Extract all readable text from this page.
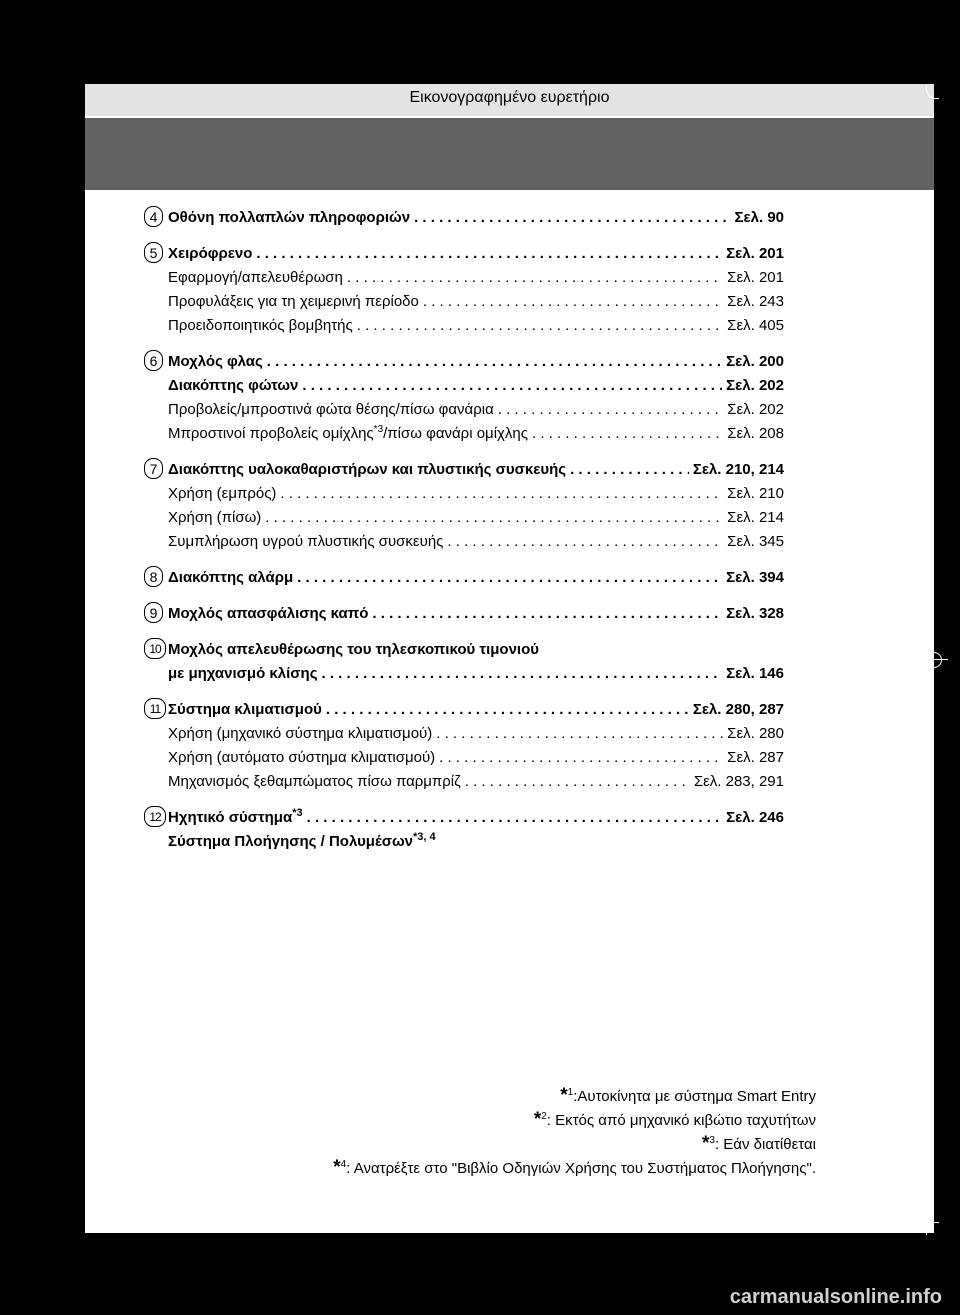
Εικονογραφημένο ευρετήριο
4 Οθόνη πολλαπλών πληροφοριών . . .	Σελ. 90
5 Χειρόφρενο . . .	Σελ. 201
Εφαρμογή/απελευθέρωση . . .	Σελ. 201
Προφυλάξεις για τη χειμερινή περίοδο . . .	Σελ. 243
Προειδοποιητικός βομβητής . . .	Σελ. 405
6 Μοχλός φλας . . .	Σελ. 200
Διακόπτης φώτων . . .	Σελ. 202
Προβολείς/μπροστινά φώτα θέσης/πίσω φανάρια . . .	Σελ. 202
Μπροστινοί προβολείς ομίχλης$^{*3}$/πίσω φανάρι ομίχλης . . .	Σελ. 208
7 Διακόπτης υαλοκαθαριστήρων και πλυστικής συσκευής . . .	Σελ. 210, 214
Χρήση (εμπρός) . . .	Σελ. 210
Χρήση (πίσω) . . .	Σελ. 214
Συμπλήρωση υγρού πλυστικής συσκευής . . .	Σελ. 345
8 Διακόπτης αλάρμ . . .	Σελ. 394
9 Μοχλός απασφάλισης καπό . . .	Σελ. 328
10 Μοχλός απελευθέρωσης του τηλεσκοπικού τιμονιού
με μηχανισμό κλίσης . . .	Σελ. 146
11 Σύστημα κλιματισμού . . .	Σελ. 280, 287
Χρήση (μηχανικό σύστημα κλιματισμού) . . .	Σελ. 280
Χρήση (αυτόματο σύστημα κλιματισμού) . . .	Σελ. 287
Μηχανισμός ξεθαμπώματος πίσω παρμπρίζ . . .	Σελ. 283, 291
12 Ηχητικό σύστημα$^{*3}$ . . .	Σελ. 246
Σύστημα Πλοήγησης / Πολυμέσων$^{*3, 4}$
*$^1$:Αυτοκίνητα με σύστημα Smart Entry
*$^2$: Εκτός από μηχανικό κιβώτιο ταχυτήτων
*$^3$: Εάν διατίθεται
*$^4$: Ανατρέξτε στο "Βιβλίο Οδηγιών Χρήσης του Συστήματος Πλοήγησης".
carmanualsonline.info
